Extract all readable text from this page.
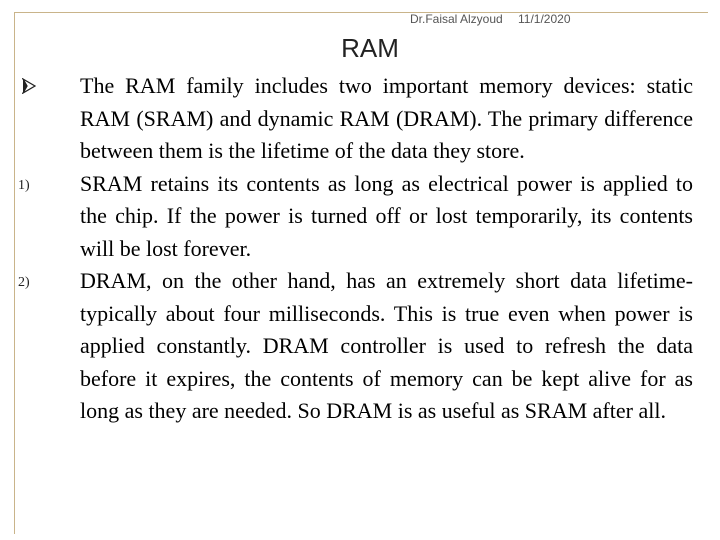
Dr.Faisal Alzyoud 11/1/2020
RAM

The RAM family includes two important memory devices: static RAM (SRAM) and dynamic RAM (DRAM). The primary difference between them is the lifetime of the data they store.

1) SRAM retains its contents as long as electrical power is applied to the chip. If the power is turned off or lost temporarily, its contents will be lost forever.

2) DRAM, on the other hand, has an extremely short data lifetime-typically about four milliseconds. This is true even when power is applied constantly. DRAM controller is used to refresh the data before it expires, the contents of memory can be kept alive for as long as they are needed. So DRAM is as useful as SRAM after all.
